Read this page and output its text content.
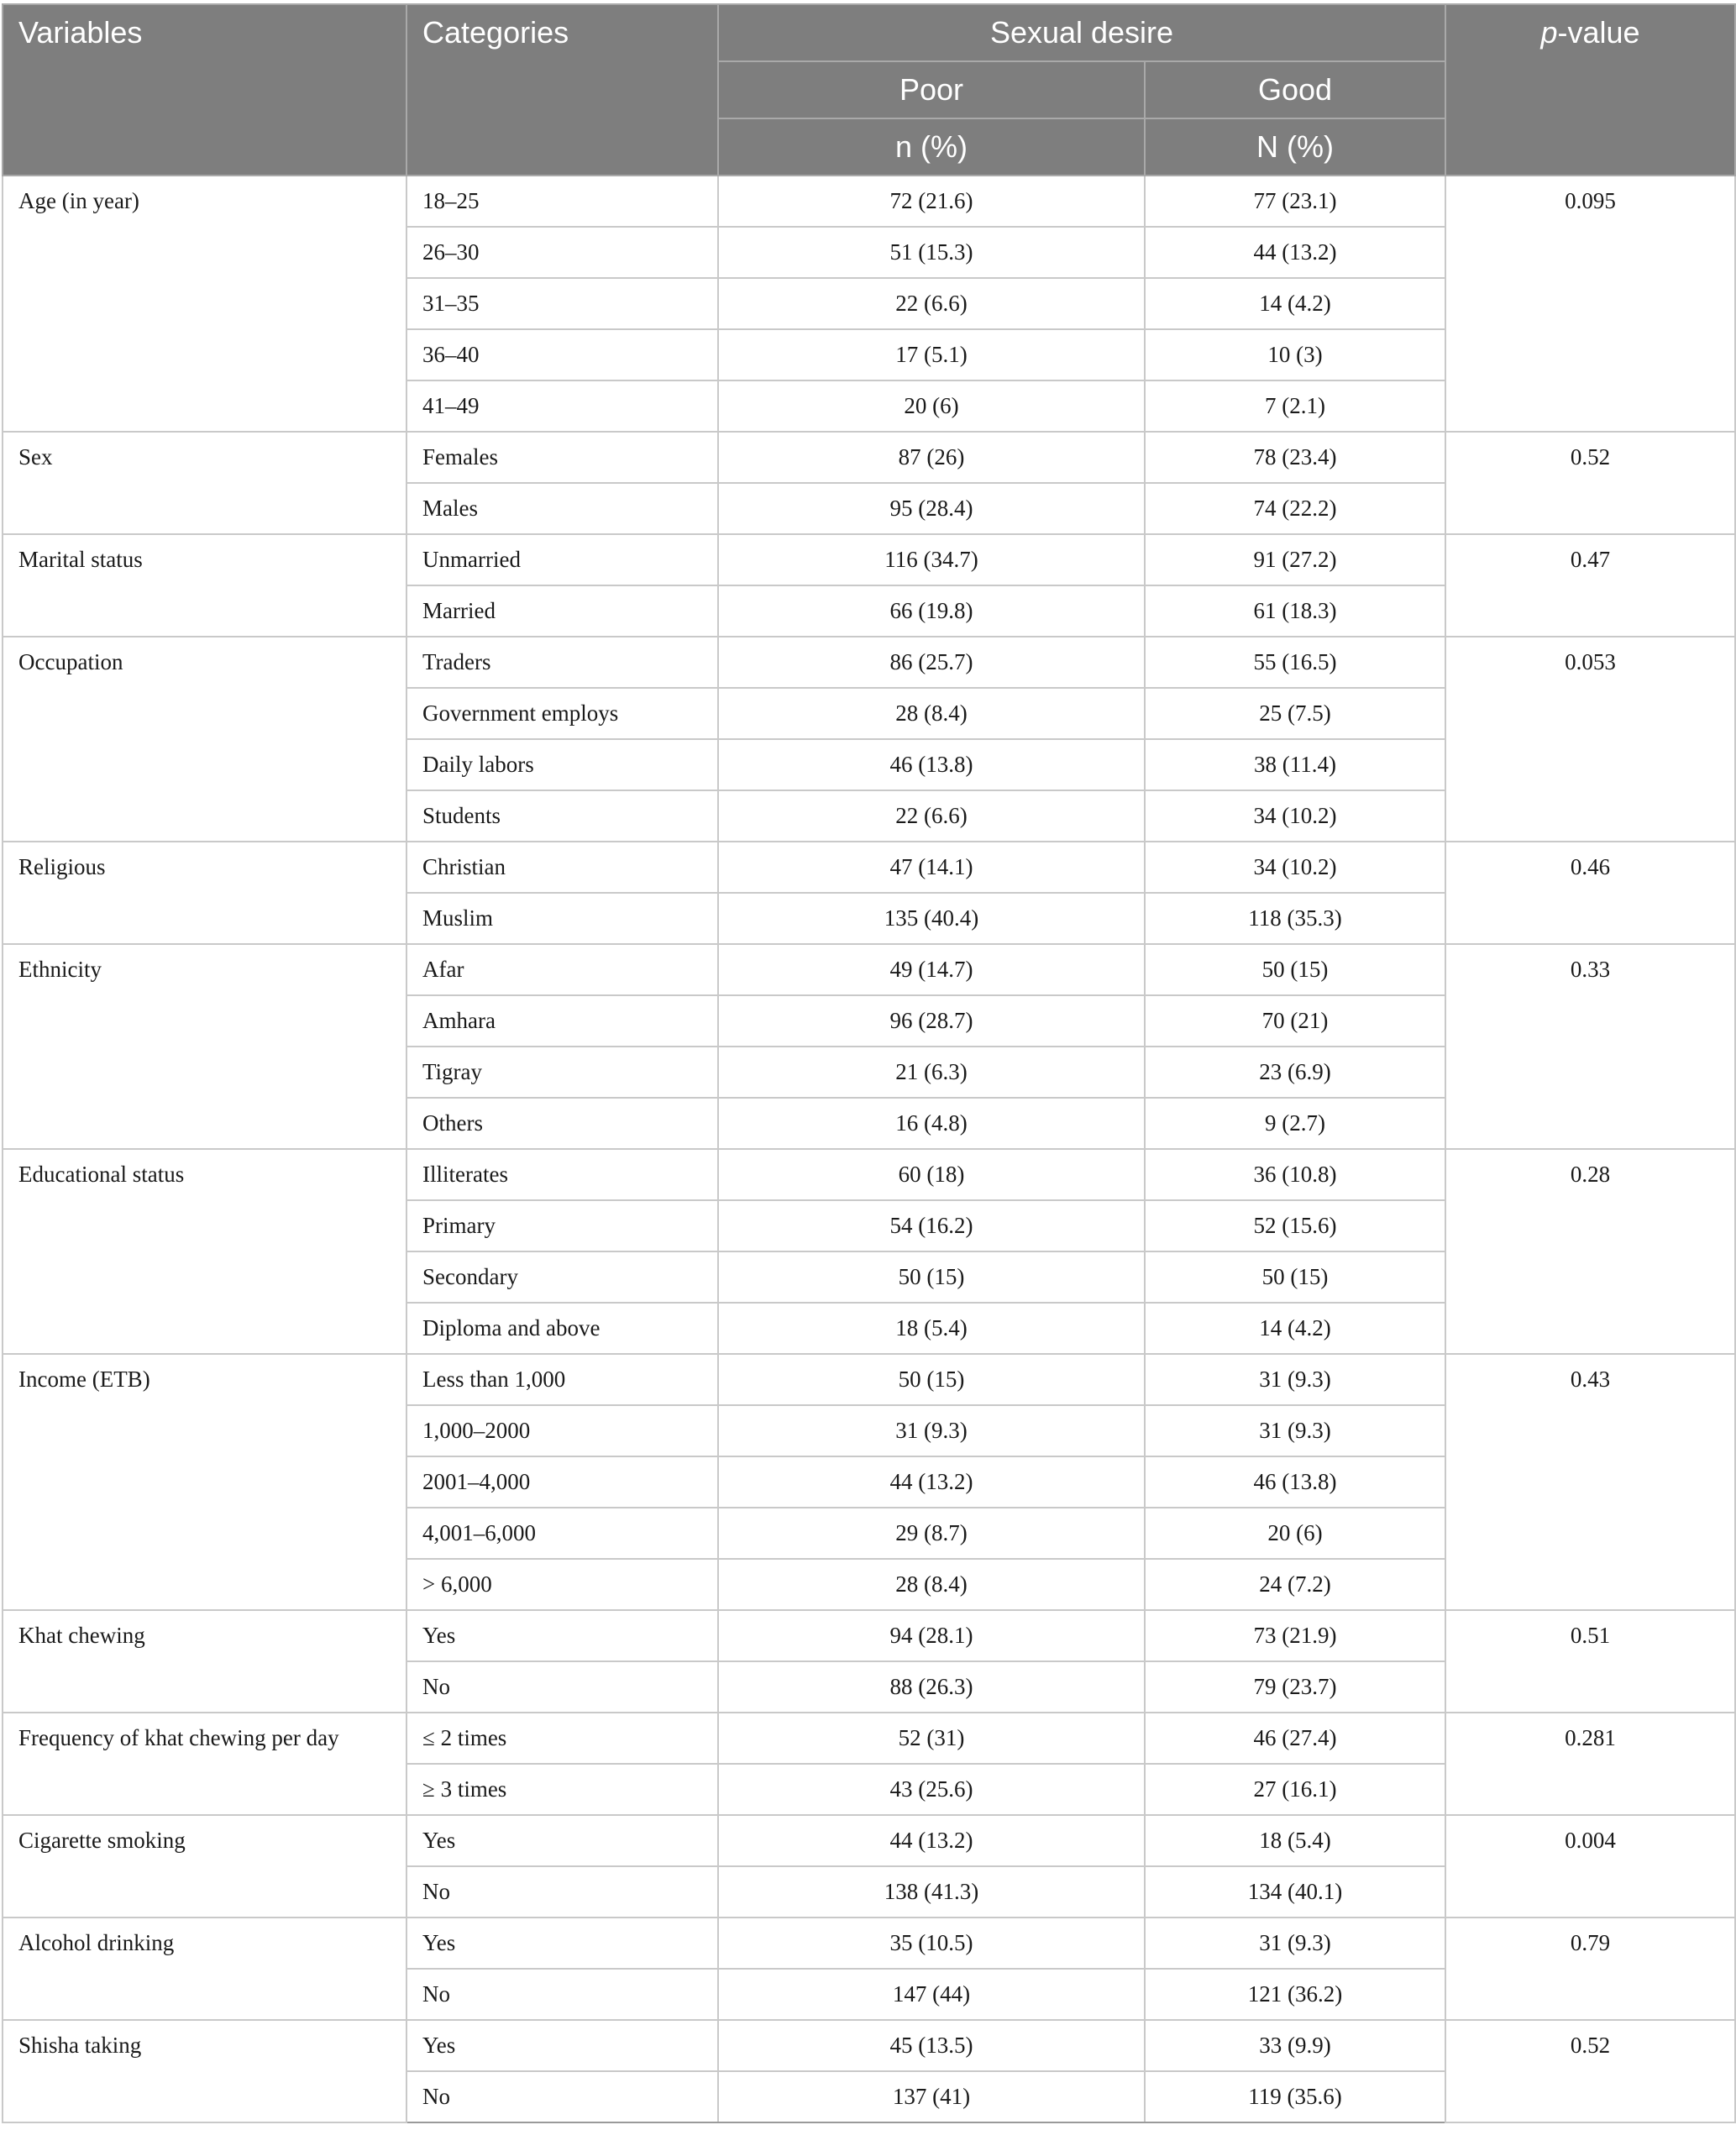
Variables	Categories	Sexual desire		p-value
		Poor	Good	
		n (%)	N (%)	
Age (in year)	18–25	72 (21.6)	77 (23.1)	0.095
	26–30	51 (15.3)	44 (13.2)	
	31–35	22 (6.6)	14 (4.2)	
	36–40	17 (5.1)	10 (3)	
	41–49	20 (6)	7 (2.1)	
Sex	Females	87 (26)	78 (23.4)	0.52
	Males	95 (28.4)	74 (22.2)	
Marital status	Unmarried	116 (34.7)	91 (27.2)	0.47
	Married	66 (19.8)	61 (18.3)	
Occupation	Traders	86 (25.7)	55 (16.5)	0.053
	Government employs	28 (8.4)	25 (7.5)	
	Daily labors	46 (13.8)	38 (11.4)	
	Students	22 (6.6)	34 (10.2)	
Religious	Christian	47 (14.1)	34 (10.2)	0.46
	Muslim	135 (40.4)	118 (35.3)	
Ethnicity	Afar	49 (14.7)	50 (15)	0.33
	Amhara	96 (28.7)	70 (21)	
	Tigray	21 (6.3)	23 (6.9)	
	Others	16 (4.8)	9 (2.7)	
Educational status	Illiterates	60 (18)	36 (10.8)	0.28
	Primary	54 (16.2)	52 (15.6)	
	Secondary	50 (15)	50 (15)	
	Diploma and above	18 (5.4)	14 (4.2)	
Income (ETB)	Less than 1,000	50 (15)	31 (9.3)	0.43
	1,000–2000	31 (9.3)	31 (9.3)	
	2001–4,000	44 (13.2)	46 (13.8)	
	4,001–6,000	29 (8.7)	20 (6)	
	> 6,000	28 (8.4)	24 (7.2)	
Khat chewing	Yes	94 (28.1)	73 (21.9)	0.51
	No	88 (26.3)	79 (23.7)	
Frequency of khat chewing per day	≤ 2 times	52 (31)	46 (27.4)	0.281
	≥ 3 times	43 (25.6)	27 (16.1)	
Cigarette smoking	Yes	44 (13.2)	18 (5.4)	0.004
	No	138 (41.3)	134 (40.1)	
Alcohol drinking	Yes	35 (10.5)	31 (9.3)	0.79
	No	147 (44)	121 (36.2)	
Shisha taking	Yes	45 (13.5)	33 (9.9)	0.52
	No	137 (41)	119 (35.6)	
